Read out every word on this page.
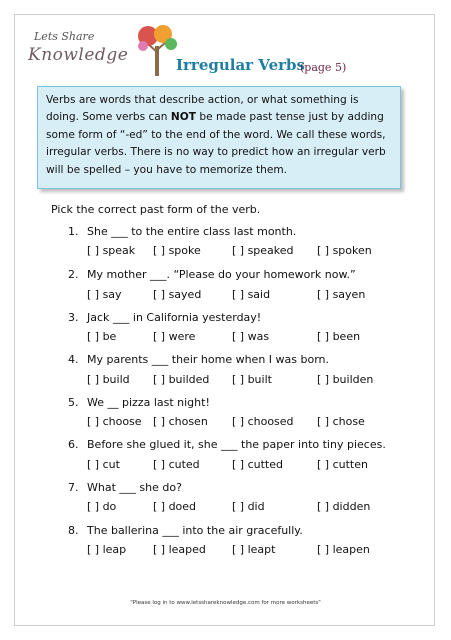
Lets Share
Knowledge	Irregular Verbs
(page 5)
Verbs are words that describe action, or what something is doing. Some verbs can NOT be made past tense just by adding some form of “-ed” to the end of the word. We call these words, irregular verbs. There is no way to predict how an irregular verb will be spelled – you have to memorize them.
Pick the correct past form of the verb.
1. She ___ to the entire class last month.
[ ] speak [ ] spoke	[ ] speaked [ ] spoken
2. My mother ___. “Please do your homework now.”
[ ] say	[ ] sayed	[ ] said	[ ] sayen
3. Jack ___ in California yesterday!
[ ] be	[ ] were	[ ] was	[ ] been
4. My parents ___ their home when I was born.
[ ] build [ ] builded [ ] built	[ ] builden
5. We __ pizza last night!
[ ] choose [ ] chosen [ ] choosed [ ] chose
6. Before she glued it, she ___ the paper into tiny pieces.
[ ] cut	[ ] cuted	[ ] cutted	[ ] cutten
7. What ___ she do?
[ ] do	[ ] doed	[ ] did	[ ] didden
8. The ballerina ___ into the air gracefully.
[ ] leap [ ] leaped [ ] leapt	[ ] leapen
"Please log in to www.letsshareknowledge.com for more worksheets"
